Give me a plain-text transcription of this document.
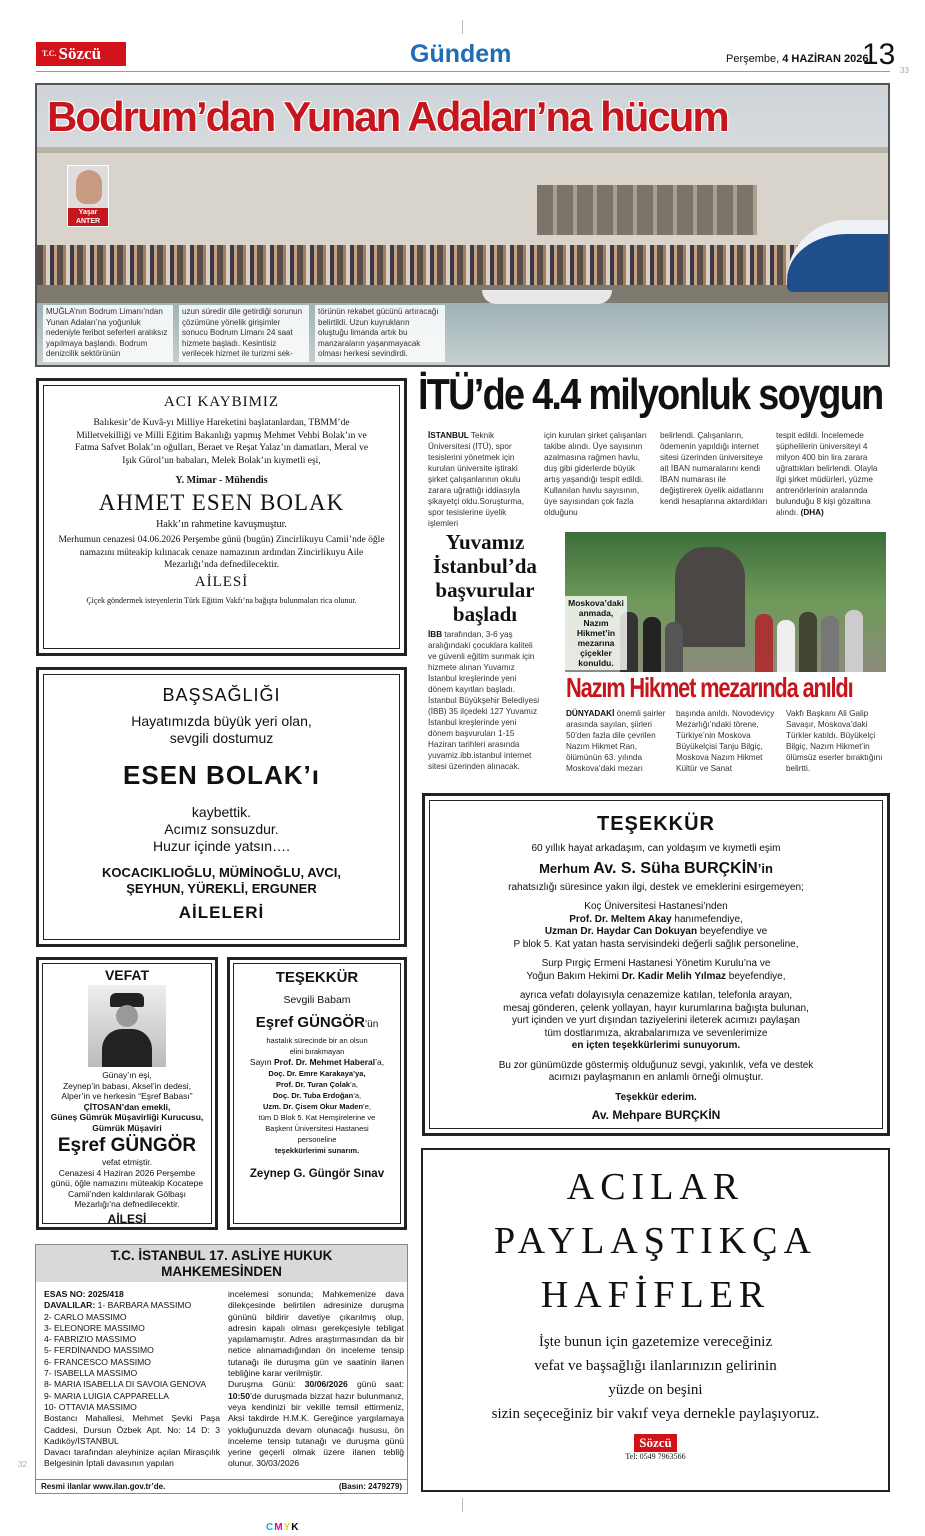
$^{T.C.}$ Sözcü	Gündem	Perşembe, 4 HAZİRAN 2026
13 33
Bodrum’dan Yunan Adaları’na hücum
Yaşar ANTER
MUĞLA’nın Bodrum Limanı’ndan Yunan Adaları’na yoğunluk nedeniyle feribot seferleri aralıksız yapılmaya başlandı. Bodrum denizcilik sektörünün
uzun süredir dile getirdiği sorunun çözümüne yönelik girişimler sonucu Bodrum Limanı 24 saat hizmete başladı. Kesintisiz verilecek hizmet ile turizmi sek-
törünün rekabet gücünü artıracağı belirtildi. Uzun kuyrukların oluştuğu limanda artık bu manzaraların yaşanmayacak olması herkesi sevindirdi.
ACI KAYBIMIZ
Balıkesir’de Kuvâ-yı Milliye Hareketini başlatanlardan, TBMM’de Milletvekilliği ve Milli Eğitim Bakanlığı yapmış Mehmet Vehbi Bolak’ın ve Fatma Safvet Bolak’ın oğulları, Beraet ve Reşat Yalaz’ın damatları, Meral ve Işık Gürol’un babaları, Melek Bolak’ın kıymetli eşi,
Y. Mimar - Mühendis
AHMET ESEN BOLAK
Hakk’ın rahmetine kavuşmuştur.
Merhumun cenazesi 04.06.2026 Perşembe günü (bugün) Zincirlikuyu Camii’nde öğle namazını müteakip kılınacak cenaze namazının ardından Zincirlikuyu Aile Mezarlığı’nda defnedilecektir.
AİLESİ
Çiçek göndermek isteyenlerin Türk Eğitim Vakfı’na bağışta bulunmaları rica olunur.
BAŞSAĞLIĞI
Hayatımızda büyük yeri olan,
sevgili dostumuz
ESEN BOLAK’ı
kaybettik.
Acımız sonsuzdur.
Huzur içinde yatsın….
KOCACIKLIOĞLU, MÜMİNOĞLU, AVCI,
ŞEYHUN, YÜREKLİ, ERGUNER
AİLELERİ
VEFAT
Günay’ın eşi,
Zeynep’in babası, Aksel’in dedesi,
Alper’in ve herkesin “Eşref Babası”
ÇİTOSAN’dan emekli,
Güneş Gümrük Müşavirliği Kurucusu,
Gümrük Müşaviri
Eşref GÜNGÖR
vefat etmiştir.
Cenazesi 4 Haziran 2026 Perşembe günü, öğle namazını müteakip Kocatepe Camii’nden kaldırılarak Gölbaşı Mezarlığı’na defnedilecektir.
AİLESİ
TEŞEKKÜR
Sevgili Babam
Eşref GÜNGÖR’ün
hastalık sürecinde bir an olsun
elini bırakmayan
Sayın Prof. Dr. Mehmet Haberal’a,
Doç. Dr. Emre Karakaya’ya,
Prof. Dr. Turan Çolak’a,
Doç. Dr. Tuba Erdoğan’a,
Uzm. Dr. Çisem Okur Maden’e,
tüm D Blok 5. Kat Hemşirelerine ve
Başkent Üniversitesi Hastanesi
personeline
teşekkürlerimi sunarım.
Zeynep G. Güngör Sınav
T.C. İSTANBUL 17. ASLİYE HUKUK
MAHKEMESİNDEN
ESAS NO: 2025/418
DAVALILAR: 1- BARBARA MASSIMO
2- CARLO MASSIMO
3- ELEONORE MASSIMO
4- FABRIZIO MASSIMO
5- FERDİNANDO MASSIMO
6- FRANCESCO MASSIMO
7- ISABELLA MASSIMO
8- MARIA ISABELLA DI SAVOIA GENOVA
9- MARIA LUIGIA CAPPARELLA
10- OTTAVIA MASSIMO
Bostancı Mahallesi, Mehmet Şevki Paşa Caddesi, Dursun Özbek Apt. No: 14 D: 3 Kadıköy/İSTANBUL
Davacı tarafından aleyhinize açılan Mirasçılık Belgesinin İptali davasının yapılan
incelemesi sonunda; Mahkemenize dava dilekçesinde belirtilen adresinize duruşma gününü bildirir davetiye çıkarılmış olup, adresin kapalı olması gerekçesiyle tebligat yapılamamıştır. Adres araştırmasından da bir netice alınamadığından ön inceleme tensip tutanağı ile duruşma gün ve saatinin ilanen tebliğine karar verilmiştir.
Duruşma Günü: 30/06/2026 günü saat: 10:50’de duruşmada bizzat hazır bulunmanız, veya kendinizi bir vekille temsil ettirmeniz, Aksi takdirde H.M.K. Gereğince yargılamaya yokluğunuzda devam olunacağı hususu, ön inceleme tensip tutanağı ve duruşma günü yerine geçerli olmak üzere ilanen tebliğ olunur. 30/03/2026
Resmi ilanlar www.ilan.gov.tr’de.	(Basın: 2479279)
İTÜ’de 4.4 milyonluk soygun
İSTANBUL Teknik Üniversitesi (İTÜ), spor tesislerini yönetmek için kurulan üniversite iştiraki şirket çalışanlarının okulu zarara uğrattığı iddiasıyla şikayetçi oldu.Soruşturma, spor tesislerine üyelik işlemleri
için kurulan şirket çalışanları takibe alındı. Üye sayısının azalmasına rağmen havlu, duş gibi giderlerde büyük artış yaşandığı tespit edildi. Kullanılan havlu sayısının, üye sayısından çok fazla olduğunu
belirlendi. Çalışanların, ödemenin yapıldığı internet sitesi üzerinden üniversiteye ait İBAN numaralarını kendi İBAN numarası ile değiştirerek üyelik aidatlarını kendi hesaplarına aktardıkları
tespit edildi. İncelemede şüphelilerin üniversiteyi 4 milyon 400 bin lira zarara uğrattıkları belirlendi. Olayla ilgi şirket müdürleri, yüzme antrenörlerinin aralarında bulunduğu 8 kişi gözaltına alındı. (DHA)
Yuvamız İstanbul’da başvurular başladı
İBB tarafından, 3-6 yaş aralığındaki çocuklara kaliteli ve güvenli eğitim sunmak için hizmete alınan Yuvamız İstanbul kreşlerinde yeni dönem kayıtları başladı. İstanbul Büyükşehir Belediyesi (İBB) 35 ilçedeki 127 Yuvamız İstanbul kreşlerinde yeni dönem başvuruları 1-15 Haziran tarihleri arasında yuvamiz.ibb.istanbul internet sitesi üzerinden alınacak.
Moskova’daki anmada, Nazım Hikmet’in mezarına çiçekler konuldu.
Nazım Hikmet mezarında anıldı
DÜNYADAKİ önemli şairler arasında sayılan, şiirleri 50’den fazla dile çevrilen Nazım Hikmet Ran, ölümünün 63. yılında Moskova’daki mezarı
başında anıldı. Novodeviçy Mezarlığı’ndaki törene, Türkiye’nin Moskova Büyükelçisi Tanju Bilgiç, Moskova Nazım Hikmet Kültür ve Sanat
Vakfı Başkanı Ali Galip Savaşır, Moskova’daki Türkler katıldı. Büyükelçi Bilgiç, Nazım Hikmet’in ölümsüz eserler bıraktığını belirtti.
TEŞEKKÜR
60 yıllık hayat arkadaşım, can yoldaşım ve kıymetli eşim
Merhum Av. S. Süha BURÇKİN’in
rahatsızlığı süresince yakın ilgi, destek ve emeklerini esirgemeyen;
Koç Üniversitesi Hastanesi’nden
Prof. Dr. Meltem Akay hanımefendiye,
Uzman Dr. Haydar Can Dokuyan beyefendiye ve
P blok 5. Kat yatan hasta servisindeki değerli sağlık personeline,
Surp Pırgiç Ermeni Hastanesi Yönetim Kurulu’na ve
Yoğun Bakım Hekimi Dr. Kadir Melih Yılmaz beyefendiye,
ayrıca vefatı dolayısıyla cenazemize katılan, telefonla arayan,
mesaj gönderen, çelenk yollayan, hayır kurumlarına bağışta bulunan,
yurt içinden ve yurt dışından taziyelerini ileterek acımızı paylaşan
tüm dostlarımıza, akrabalarımıza ve sevenlerimize
en içten teşekkürlerimi sunuyorum.
Bu zor günümüzde göstermiş olduğunuz sevgi, yakınlık, vefa ve destek
acımızı paylaşmanın en anlamlı örneği olmuştur.
Teşekkür ederim.
Av. Mehpare BURÇKİN
ACILAR
PAYLAŞTIKÇA
HAFİFLER
İşte bunun için gazetemize vereceğiniz
vefat ve başsağlığı ilanlarınızın gelirinin
yüzde on beşini
sizin seçeceğiniz bir vakıf veya dernekle paylaşıyoruz.
Sözcü
Tel: 0549 7963566
32
CMYK
